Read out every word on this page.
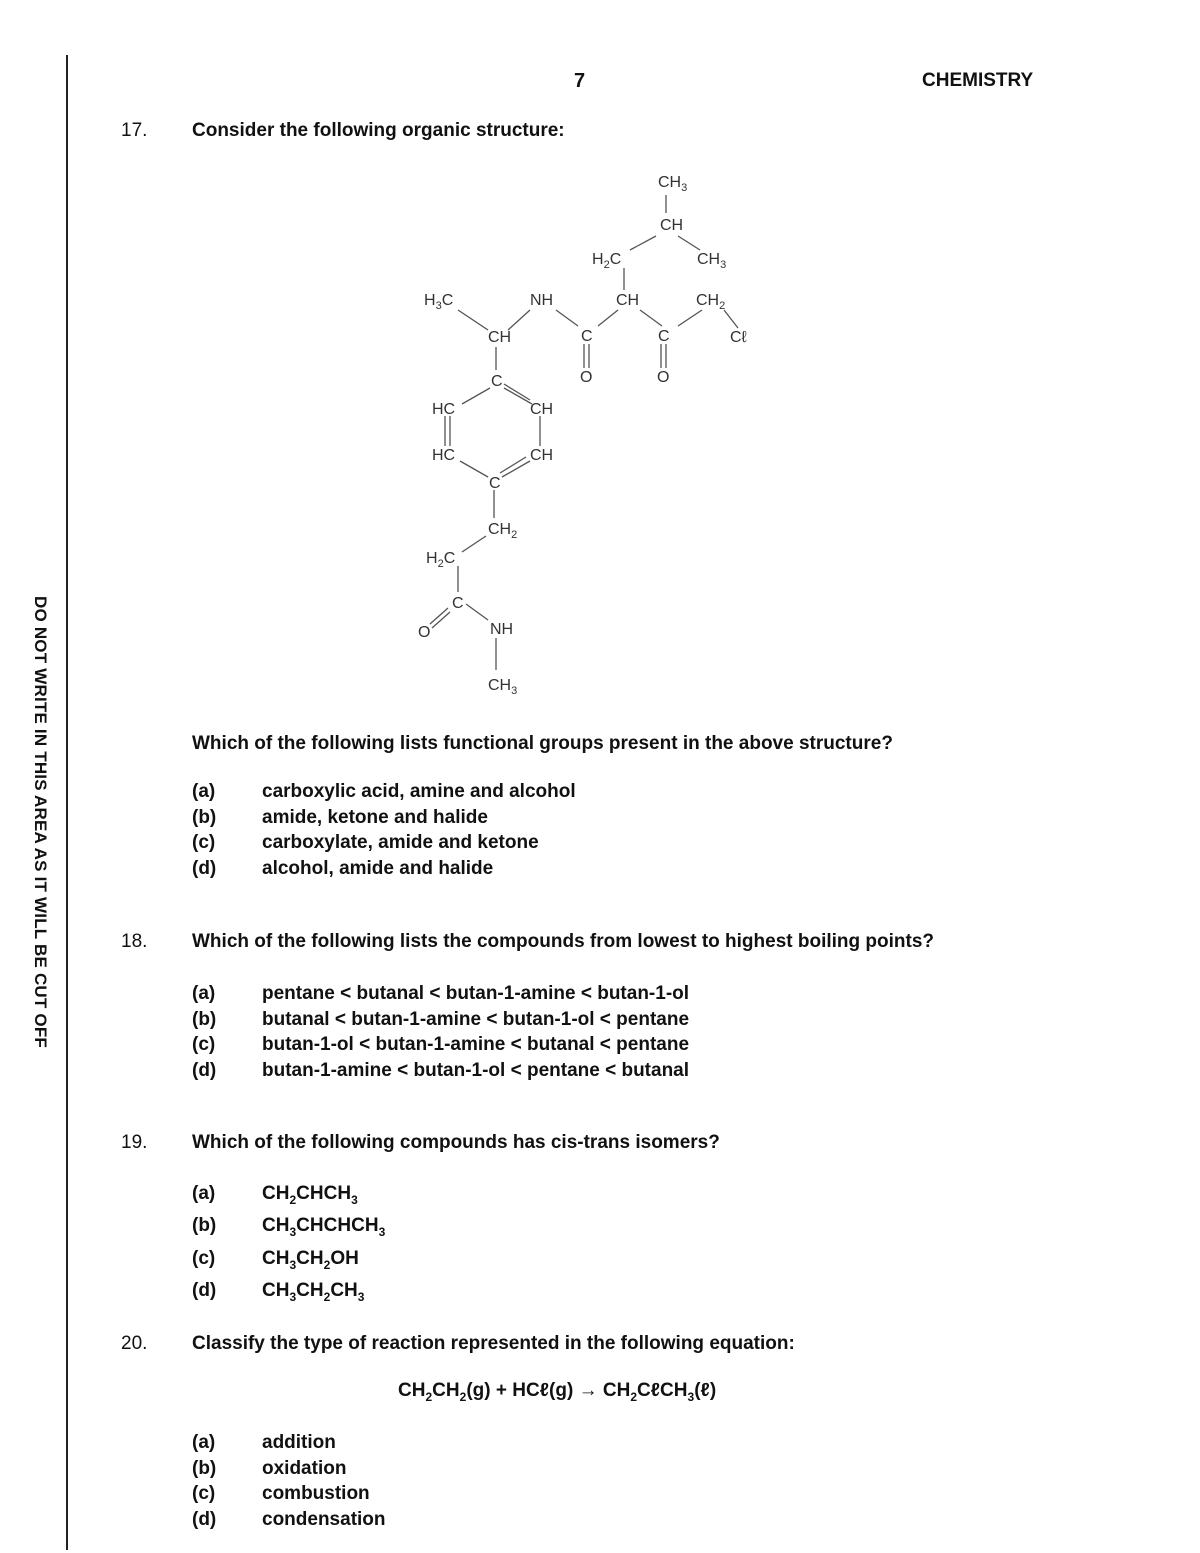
DO NOT WRITE IN THIS AREA AS IT WILL BE CUT OFF
7	CHEMISTRY
17. Consider the following organic structure:
$CH_3$
CH
$CH_3$
$H_2C$
$H_3C$	NH	CH	$CH_2$
Cℓ
CH	C	C
O	O
C
HC	CH
HC	CH
C
$CH_2$
$H_2C$
C
O	NH
$CH_3$
Which of the following lists functional groups present in the above structure?
(a)	carboxylic acid, amine and alcohol
(b)	amide, ketone and halide
(c)	carboxylate, amide and ketone
(d)	alcohol, amide and halide
18. Which of the following lists the compounds from lowest to highest boiling points?
(a)	pentane < butanal < butan-1-amine < butan-1-ol
(b)	butanal < butan-1-amine < butan-1-ol < pentane
(c)	butan-1-ol < butan-1-amine < butanal < pentane
(d)	butan-1-amine < butan-1-ol < pentane < butanal
19. Which of the following compounds has cis-trans isomers?
(a)	$CH_2CHCH_3$
(b)	$CH_3CHCHCH_3$
(c)	$CH_3CH_2OH$
(d)	$CH_3CH_2CH_3$
20. Classify the type of reaction represented in the following equation:
$CH_2CH_2(g)$ + HCℓ(g) → $CH_2C\ell CH_3(\ell)$
(a)	addition
(b)	oxidation
(c)	combustion
(d)	condensation
